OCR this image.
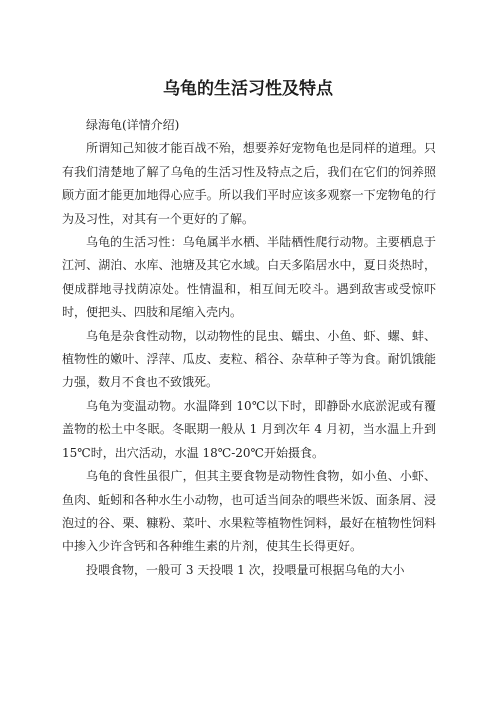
乌龟的生活习性及特点

绿海龟(详情介绍)

所谓知己知彼才能百战不殆，想要养好宠物龟也是同样的道理。只有我们清楚地了解了乌龟的生活习性及特点之后，我们在它们的饲养照顾方面才能更加地得心应手。所以我们平时应该多观察一下宠物龟的行为及习性，对其有一个更好的了解。

乌龟的生活习性：乌龟属半水栖、半陆栖性爬行动物。主要栖息于江河、湖泊、水库、池塘及其它水域。白天多陷居水中，夏日炎热时，便成群地寻找荫凉处。性情温和，相互间无咬斗。遇到敌害或受惊吓时，便把头、四肢和尾缩入壳内。

乌龟是杂食性动物，以动物性的昆虫、蠕虫、小鱼、虾、螺、蚌、植物性的嫩叶、浮萍、瓜皮、麦粒、稻谷、杂草种子等为食。耐饥饿能力强，数月不食也不致饿死。

乌龟为变温动物。水温降到 10℃以下时，即静卧水底淤泥或有覆盖物的松土中冬眠。冬眠期一般从 1 月到次年 4 月初，当水温上升到 15℃时，出穴活动，水温 18℃-20℃开始摄食。

乌龟的食性虽很广，但其主要食物是动物性食物，如小鱼、小虾、鱼肉、蚯蚓和各种水生小动物，也可适当间杂的喂些米饭、面条屑、浸泡过的谷、栗、糠粉、菜叶、水果粒等植物性饲料，最好在植物性饲料中掺入少许含钙和各种维生素的片剂，使其生长得更好。

投喂食物，一般可 3 天投喂 1 次，投喂量可根据乌龟的大小
